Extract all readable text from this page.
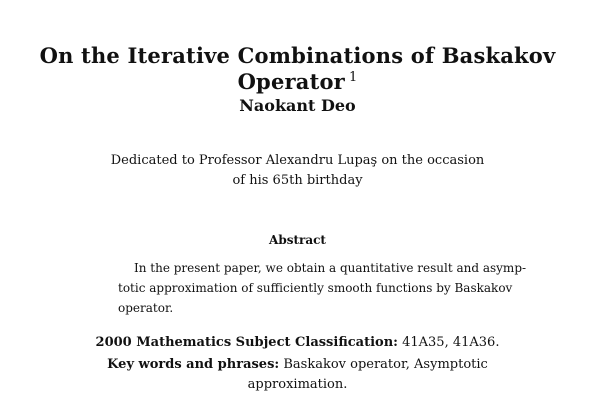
On the Iterative Combinations of Baskakov
Operator $^1$
Naokant Deo
Dedicated to Professor Alexandru Lupaş on the occasion
of his 65th birthday
Abstract
In the present paper, we obtain a quantitative result and asymp-
totic approximation of sufficiently smooth functions by Baskakov
operator.
2000 Mathematics Subject Classification: 41A35, 41A36.
Key words and phrases: Baskakov operator, Asymptotic
approximation.
